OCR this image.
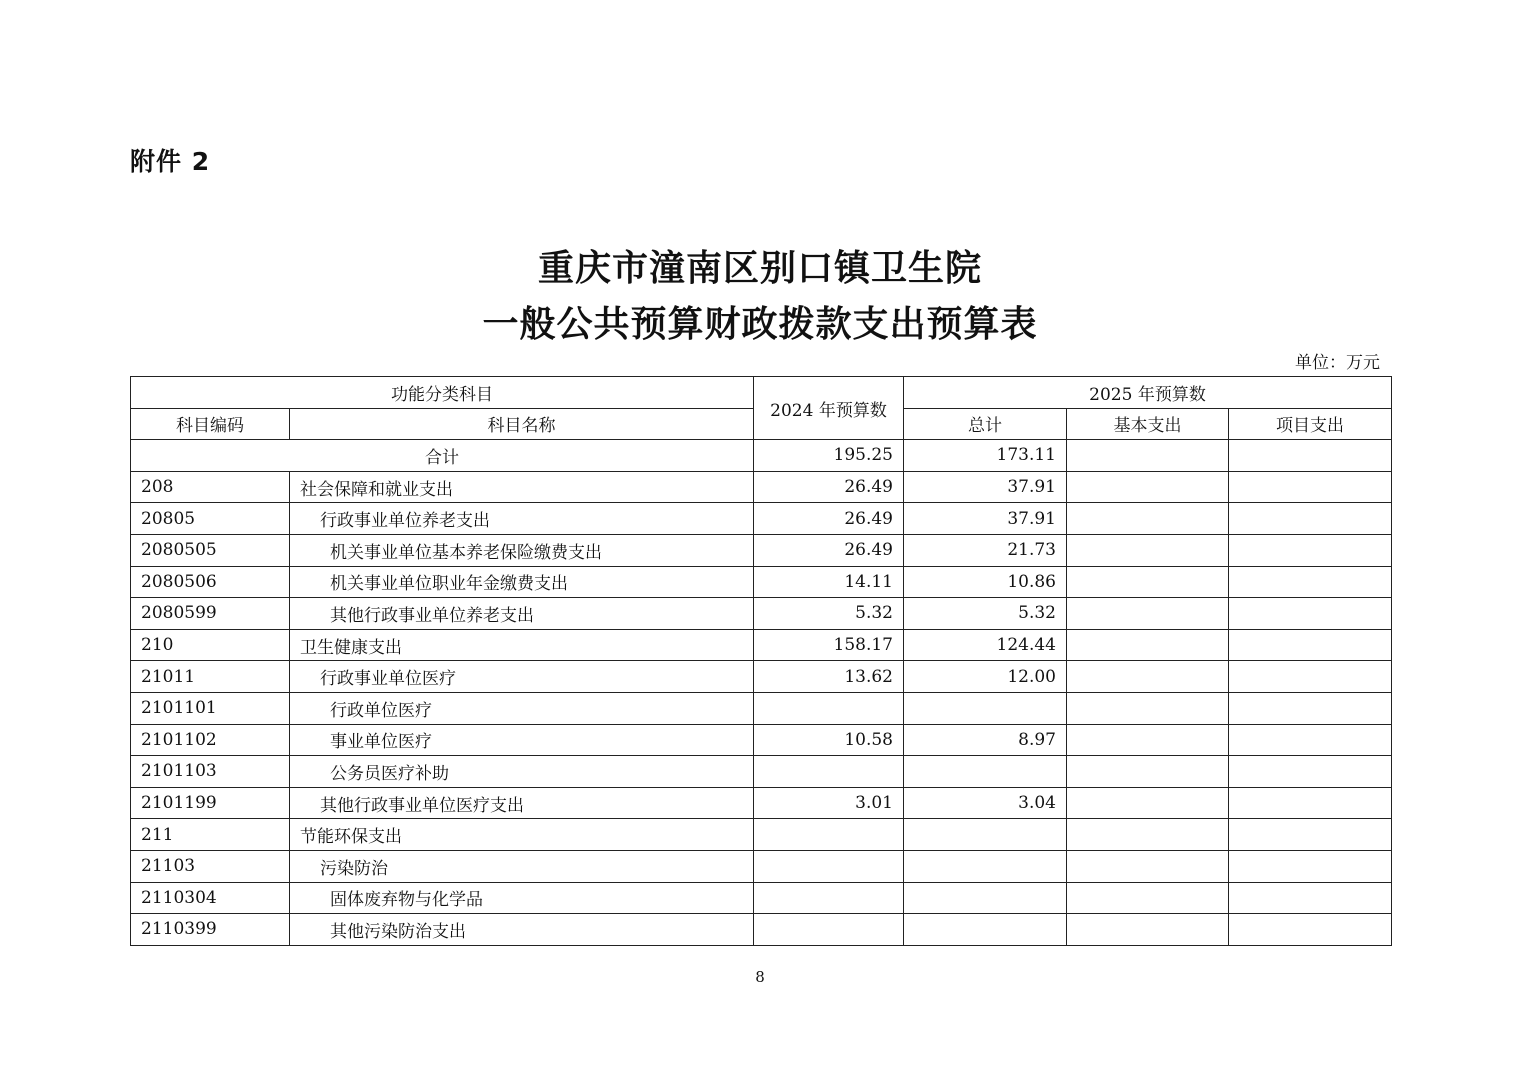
附件 2
重庆市潼南区别口镇卫生院
一般公共预算财政拨款支出预算表
单位：万元
功能分类科目		2024 年预算数	2025 年预算数		
科目编码	科目名称		总计	基本支出	项目支出
合计		195.25	173.11		
208	社会保障和就业支出	26.49	37.91		
20805	行政事业单位养老支出	26.49	37.91		
2080505	机关事业单位基本养老保险缴费支出	26.49	21.73		
2080506	机关事业单位职业年金缴费支出	14.11	10.86		
2080599	其他行政事业单位养老支出	5.32	5.32		
210	卫生健康支出	158.17	124.44		
21011	行政事业单位医疗	13.62	12.00		
2101101	行政单位医疗				
2101102	事业单位医疗	10.58	8.97		
2101103	公务员医疗补助				
2101199	其他行政事业单位医疗支出	3.01	3.04		
211	节能环保支出				
21103	污染防治				
2110304	固体废弃物与化学品				
2110399	其他污染防治支出				
8
